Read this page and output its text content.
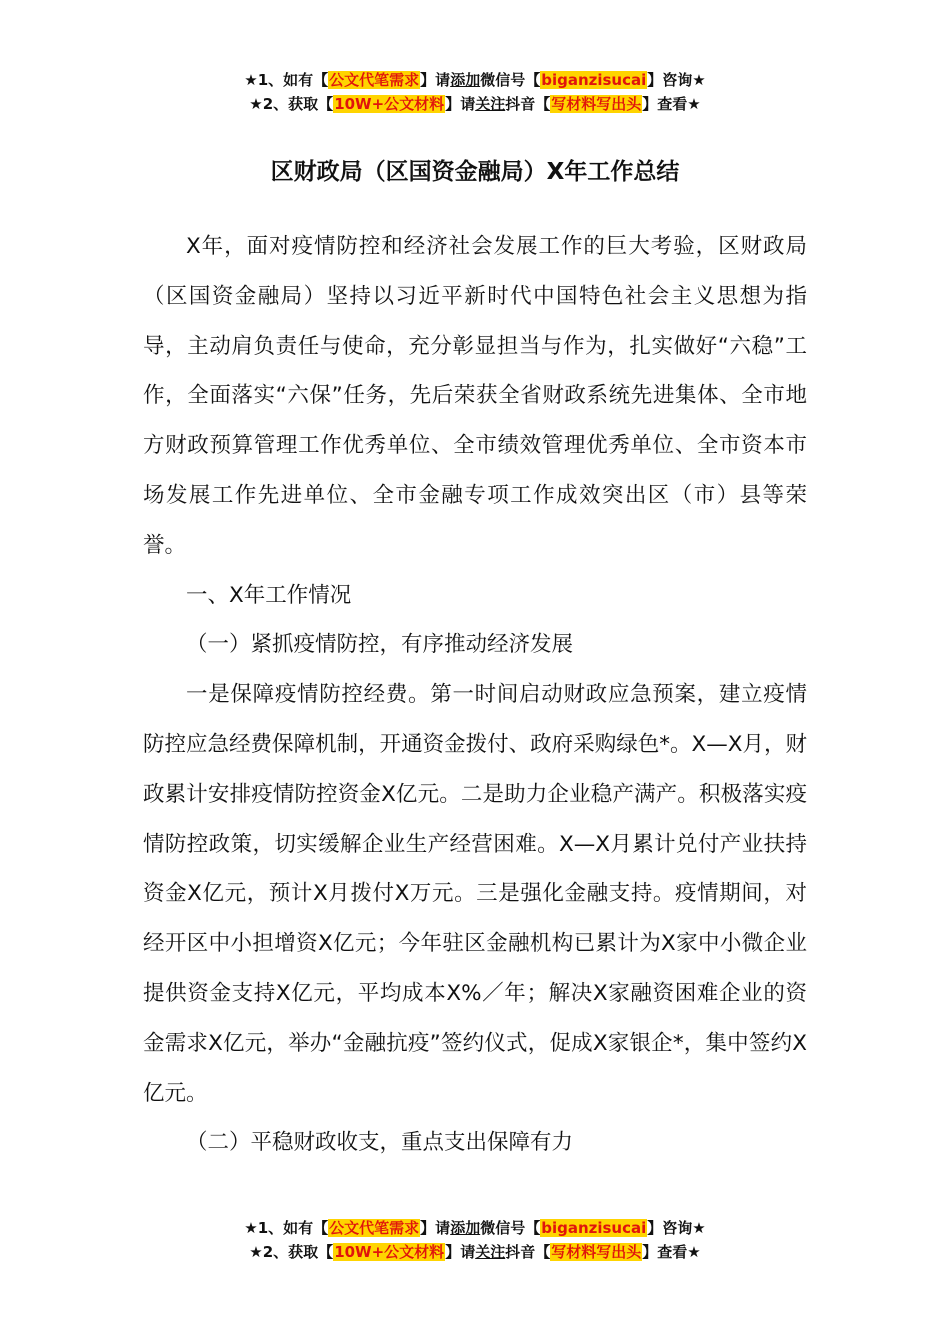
★1、如有【公文代笔需求】请添加微信号【biganzisucai】咨询★
★2、获取【10W+公文材料】请关注抖音【写材料写出头】查看★
区财政局（区国资金融局）X年工作总结

X年，面对疫情防控和经济社会发展工作的巨大考验，区财政局（区国资金融局）坚持以习近平新时代中国特色社会主义思想为指导，主动肩负责任与使命，充分彰显担当与作为，扎实做好“六稳”工作，全面落实“六保”任务，先后荣获全省财政系统先进集体、全市地方财政预算管理工作优秀单位、全市绩效管理优秀单位、全市资本市场发展工作先进单位、全市金融专项工作成效突出区（市）县等荣誉。

一、X年工作情况

（一）紧抓疫情防控，有序推动经济发展

一是保障疫情防控经费。第一时间启动财政应急预案，建立疫情防控应急经费保障机制，开通资金拨付、政府采购绿色*。X—X月，财政累计安排疫情防控资金X亿元。二是助力企业稳产满产。积极落实疫情防控政策，切实缓解企业生产经营困难。X—X月累计兑付产业扶持资金X亿元，预计X月拨付X万元。三是强化金融支持。疫情期间，对经开区中小担增资X亿元；今年驻区金融机构已累计为X家中小微企业提供资金支持X亿元，平均成本X%／年；解决X家融资困难企业的资金需求X亿元，举办“金融抗疫”签约仪式，促成X家银企*，集中签约X亿元。

（二）平稳财政收支，重点支出保障有力

★1、如有【公文代笔需求】请添加微信号【biganzisucai】咨询★
★2、获取【10W+公文材料】请关注抖音【写材料写出头】查看★
